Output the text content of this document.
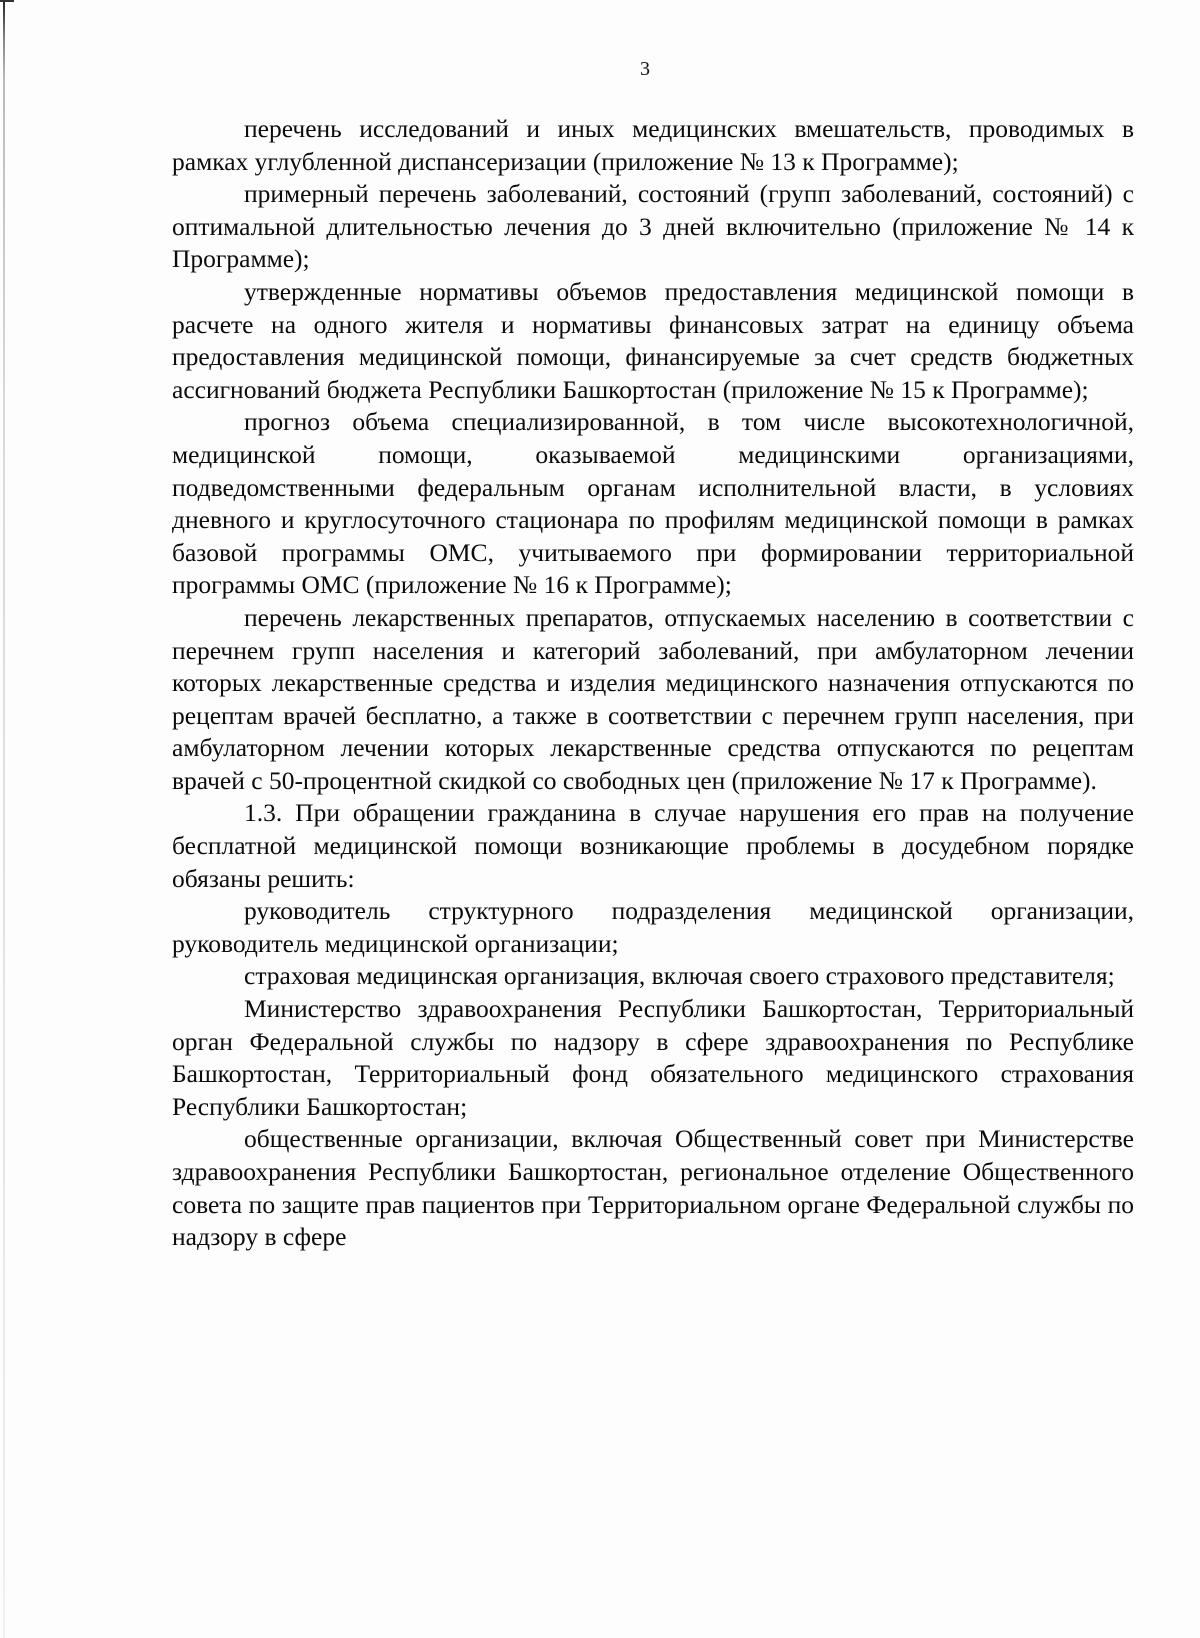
3

перечень исследований и иных медицинских вмешательств, проводимых в рамках углубленной диспансеризации (приложение № 13 к Программе);

примерный перечень заболеваний, состояний (групп заболеваний, состояний) с оптимальной длительностью лечения до 3 дней включительно (приложение № 14 к Программе);

утвержденные нормативы объемов предоставления медицинской помощи в расчете на одного жителя и нормативы финансовых затрат на единицу объема предоставления медицинской помощи, финансируемые за счет средств бюджетных ассигнований бюджета Республики Башкортостан (приложение № 15 к Программе);

прогноз объема специализированной, в том числе высокотехнологичной, медицинской помощи, оказываемой медицинскими организациями, подведомственными федеральным органам исполнительной власти, в условиях дневного и круглосуточного стационара по профилям медицинской помощи в рамках базовой программы ОМС, учитываемого при формировании территориальной программы ОМС (приложение № 16 к Программе);

перечень лекарственных препаратов, отпускаемых населению в соответствии с перечнем групп населения и категорий заболеваний, при амбулаторном лечении которых лекарственные средства и изделия медицинского назначения отпускаются по рецептам врачей бесплатно, а также в соответствии с перечнем групп населения, при амбулаторном лечении которых лекарственные средства отпускаются по рецептам врачей с 50-процентной скидкой со свободных цен (приложение № 17 к Программе).

1.3. При обращении гражданина в случае нарушения его прав на получение бесплатной медицинской помощи возникающие проблемы в досудебном порядке обязаны решить:

руководитель структурного подразделения медицинской организации, руководитель медицинской организации;

страховая медицинская организация, включая своего страхового представителя;

Министерство здравоохранения Республики Башкортостан, Территориальный орган Федеральной службы по надзору в сфере здравоохранения по Республике Башкортостан, Территориальный фонд обязательного медицинского страхования Республики Башкортостан;

общественные организации, включая Общественный совет при Министерстве здравоохранения Республики Башкортостан, региональное отделение Общественного совета по защите прав пациентов при Территориальном органе Федеральной службы по надзору в сфере
